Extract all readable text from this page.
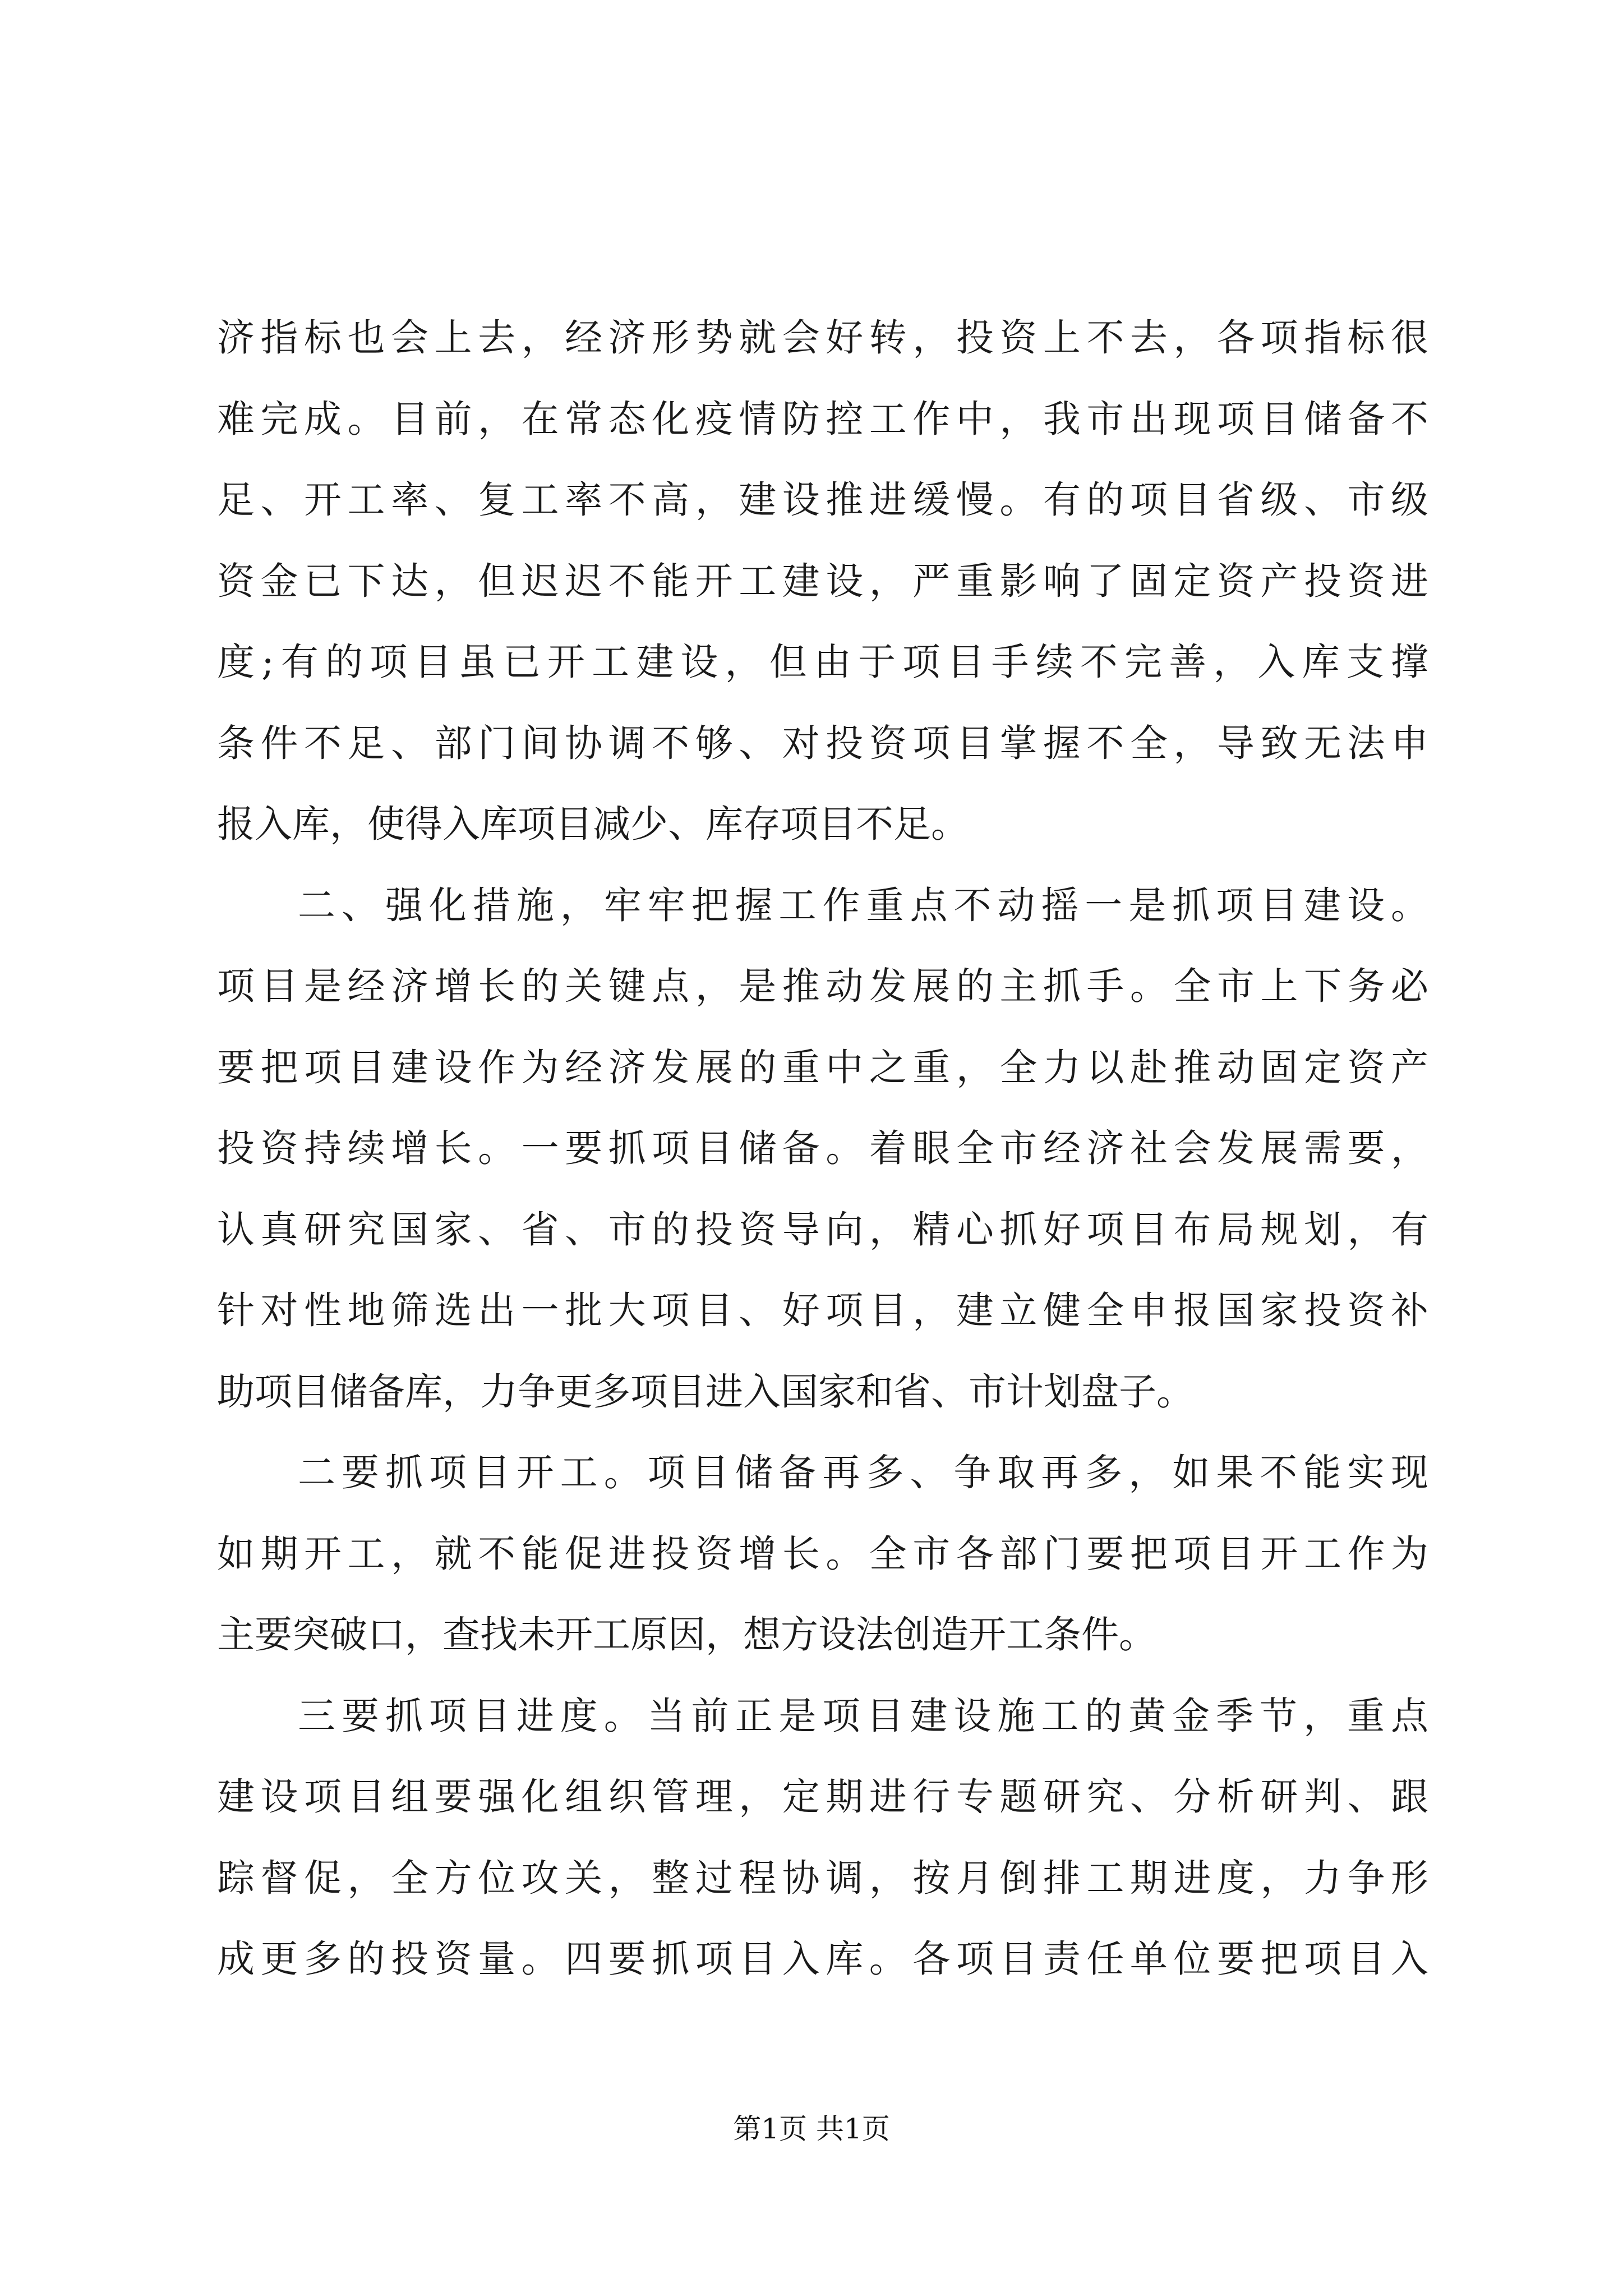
济指标也会上去，经济形势就会好转，投资上不去，各项指标很
难完成。目前，在常态化疫情防控工作中，我市出现项目储备不
足、开工率、复工率不高，建设推进缓慢。有的项目省级、市级
资金已下达，但迟迟不能开工建设，严重影响了固定资产投资进
度;有的项目虽已开工建设，但由于项目手续不完善，入库支撑
条件不足、部门间协调不够、对投资项目掌握不全，导致无法申
报入库，使得入库项目减少、库存项目不足。
二、强化措施，牢牢把握工作重点不动摇一是抓项目建设。
项目是经济增长的关键点，是推动发展的主抓手。全市上下务必
要把项目建设作为经济发展的重中之重，全力以赴推动固定资产
投资持续增长。一要抓项目储备。着眼全市经济社会发展需要，
认真研究国家、省、市的投资导向，精心抓好项目布局规划，有
针对性地筛选出一批大项目、好项目，建立健全申报国家投资补
助项目储备库，力争更多项目进入国家和省、市计划盘子。
二要抓项目开工。项目储备再多、争取再多，如果不能实现
如期开工，就不能促进投资增长。全市各部门要把项目开工作为
主要突破口，查找未开工原因，想方设法创造开工条件。
三要抓项目进度。当前正是项目建设施工的黄金季节，重点
建设项目组要强化组织管理，定期进行专题研究、分析研判、跟
踪督促，全方位攻关，整过程协调，按月倒排工期进度，力争形
成更多的投资量。四要抓项目入库。各项目责任单位要把项目入
第1页 共1页
